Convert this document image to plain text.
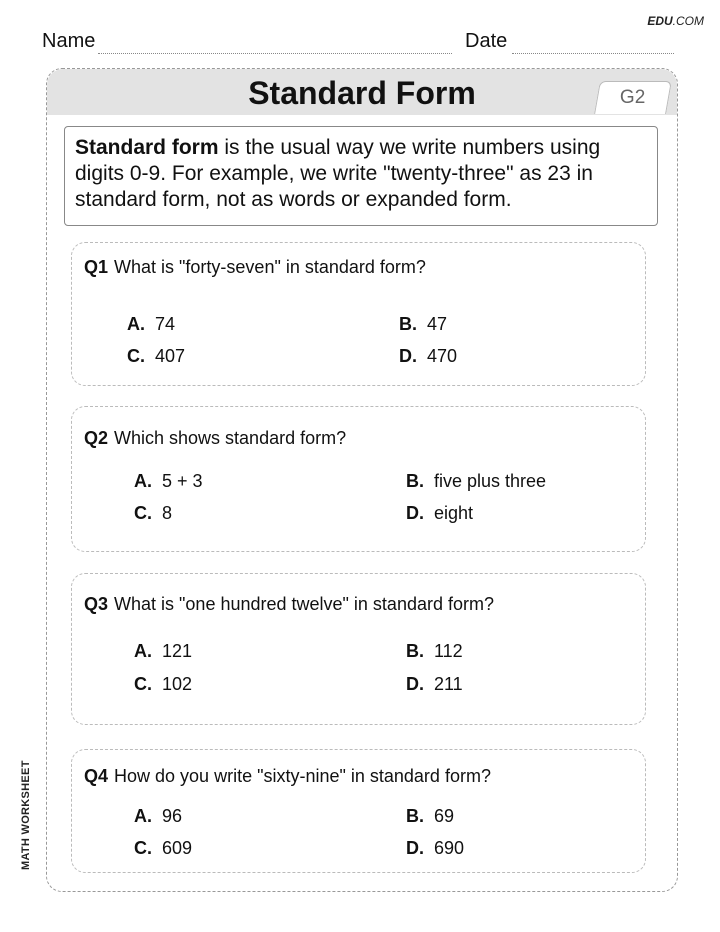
EDU.COM
Name	Date
Standard Form	G2
Standard form is the usual way we write numbers using digits 0-9. For example, we write "twenty-three" as 23 in standard form, not as words or expanded form.
Q1 What is "forty-seven" in standard form?
A. 74	B. 47
C. 407	D. 470
Q2 Which shows standard form?
A. 5 + 3	B. five plus three
C. 8	D. eight
Q3 What is "one hundred twelve" in standard form?
A. 121	B. 112
C. 102	D. 211
Q4 How do you write "sixty-nine" in standard form?
A. 96	B. 69
C. 609	D. 690
MATH WORKSHEET
